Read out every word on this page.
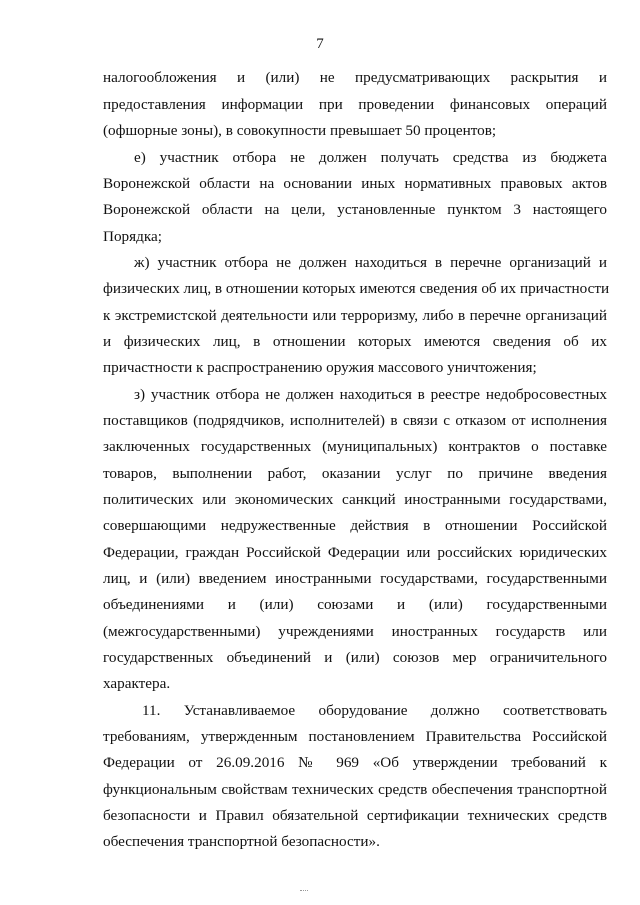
7
налогообложения и (или) не предусматривающих раскрытия и
предоставления информации при проведении финансовых операций
(офшорные зоны), в совокупности превышает 50 процентов;
е) участник отбора не должен получать средства из бюджета
Воронежской области на основании иных нормативных правовых актов
Воронежской области на цели, установленные пунктом 3 настоящего
Порядка;
ж) участник отбора не должен находиться в перечне организаций и
физических лиц, в отношении которых имеются сведения об их причастности
к экстремистской деятельности или терроризму, либо в перечне организаций
и физических лиц, в отношении которых имеются сведения об их
причастности к распространению оружия массового уничтожения;
з) участник отбора не должен находиться в реестре недобросовестных
поставщиков (подрядчиков, исполнителей) в связи с отказом от исполнения
заключенных государственных (муниципальных) контрактов о поставке
товаров, выполнении работ, оказании услуг по причине введения
политических или экономических санкций иностранными государствами,
совершающими недружественные действия в отношении Российской
Федерации, граждан Российской Федерации или российских юридических
лиц, и (или) введением иностранными государствами, государственными
объединениями и (или) союзами и (или) государственными
(межгосударственными) учреждениями иностранных государств или
государственных объединений и (или) союзов мер ограничительного
характера.
11. Устанавливаемое оборудование должно соответствовать
требованиям, утвержденным постановлением Правительства Российской
Федерации от 26.09.2016 № 969 «Об утверждении требований к
функциональным свойствам технических средств обеспечения транспортной
безопасности и Правил обязательной сертификации технических средств
обеспечения транспортной безопасности».
